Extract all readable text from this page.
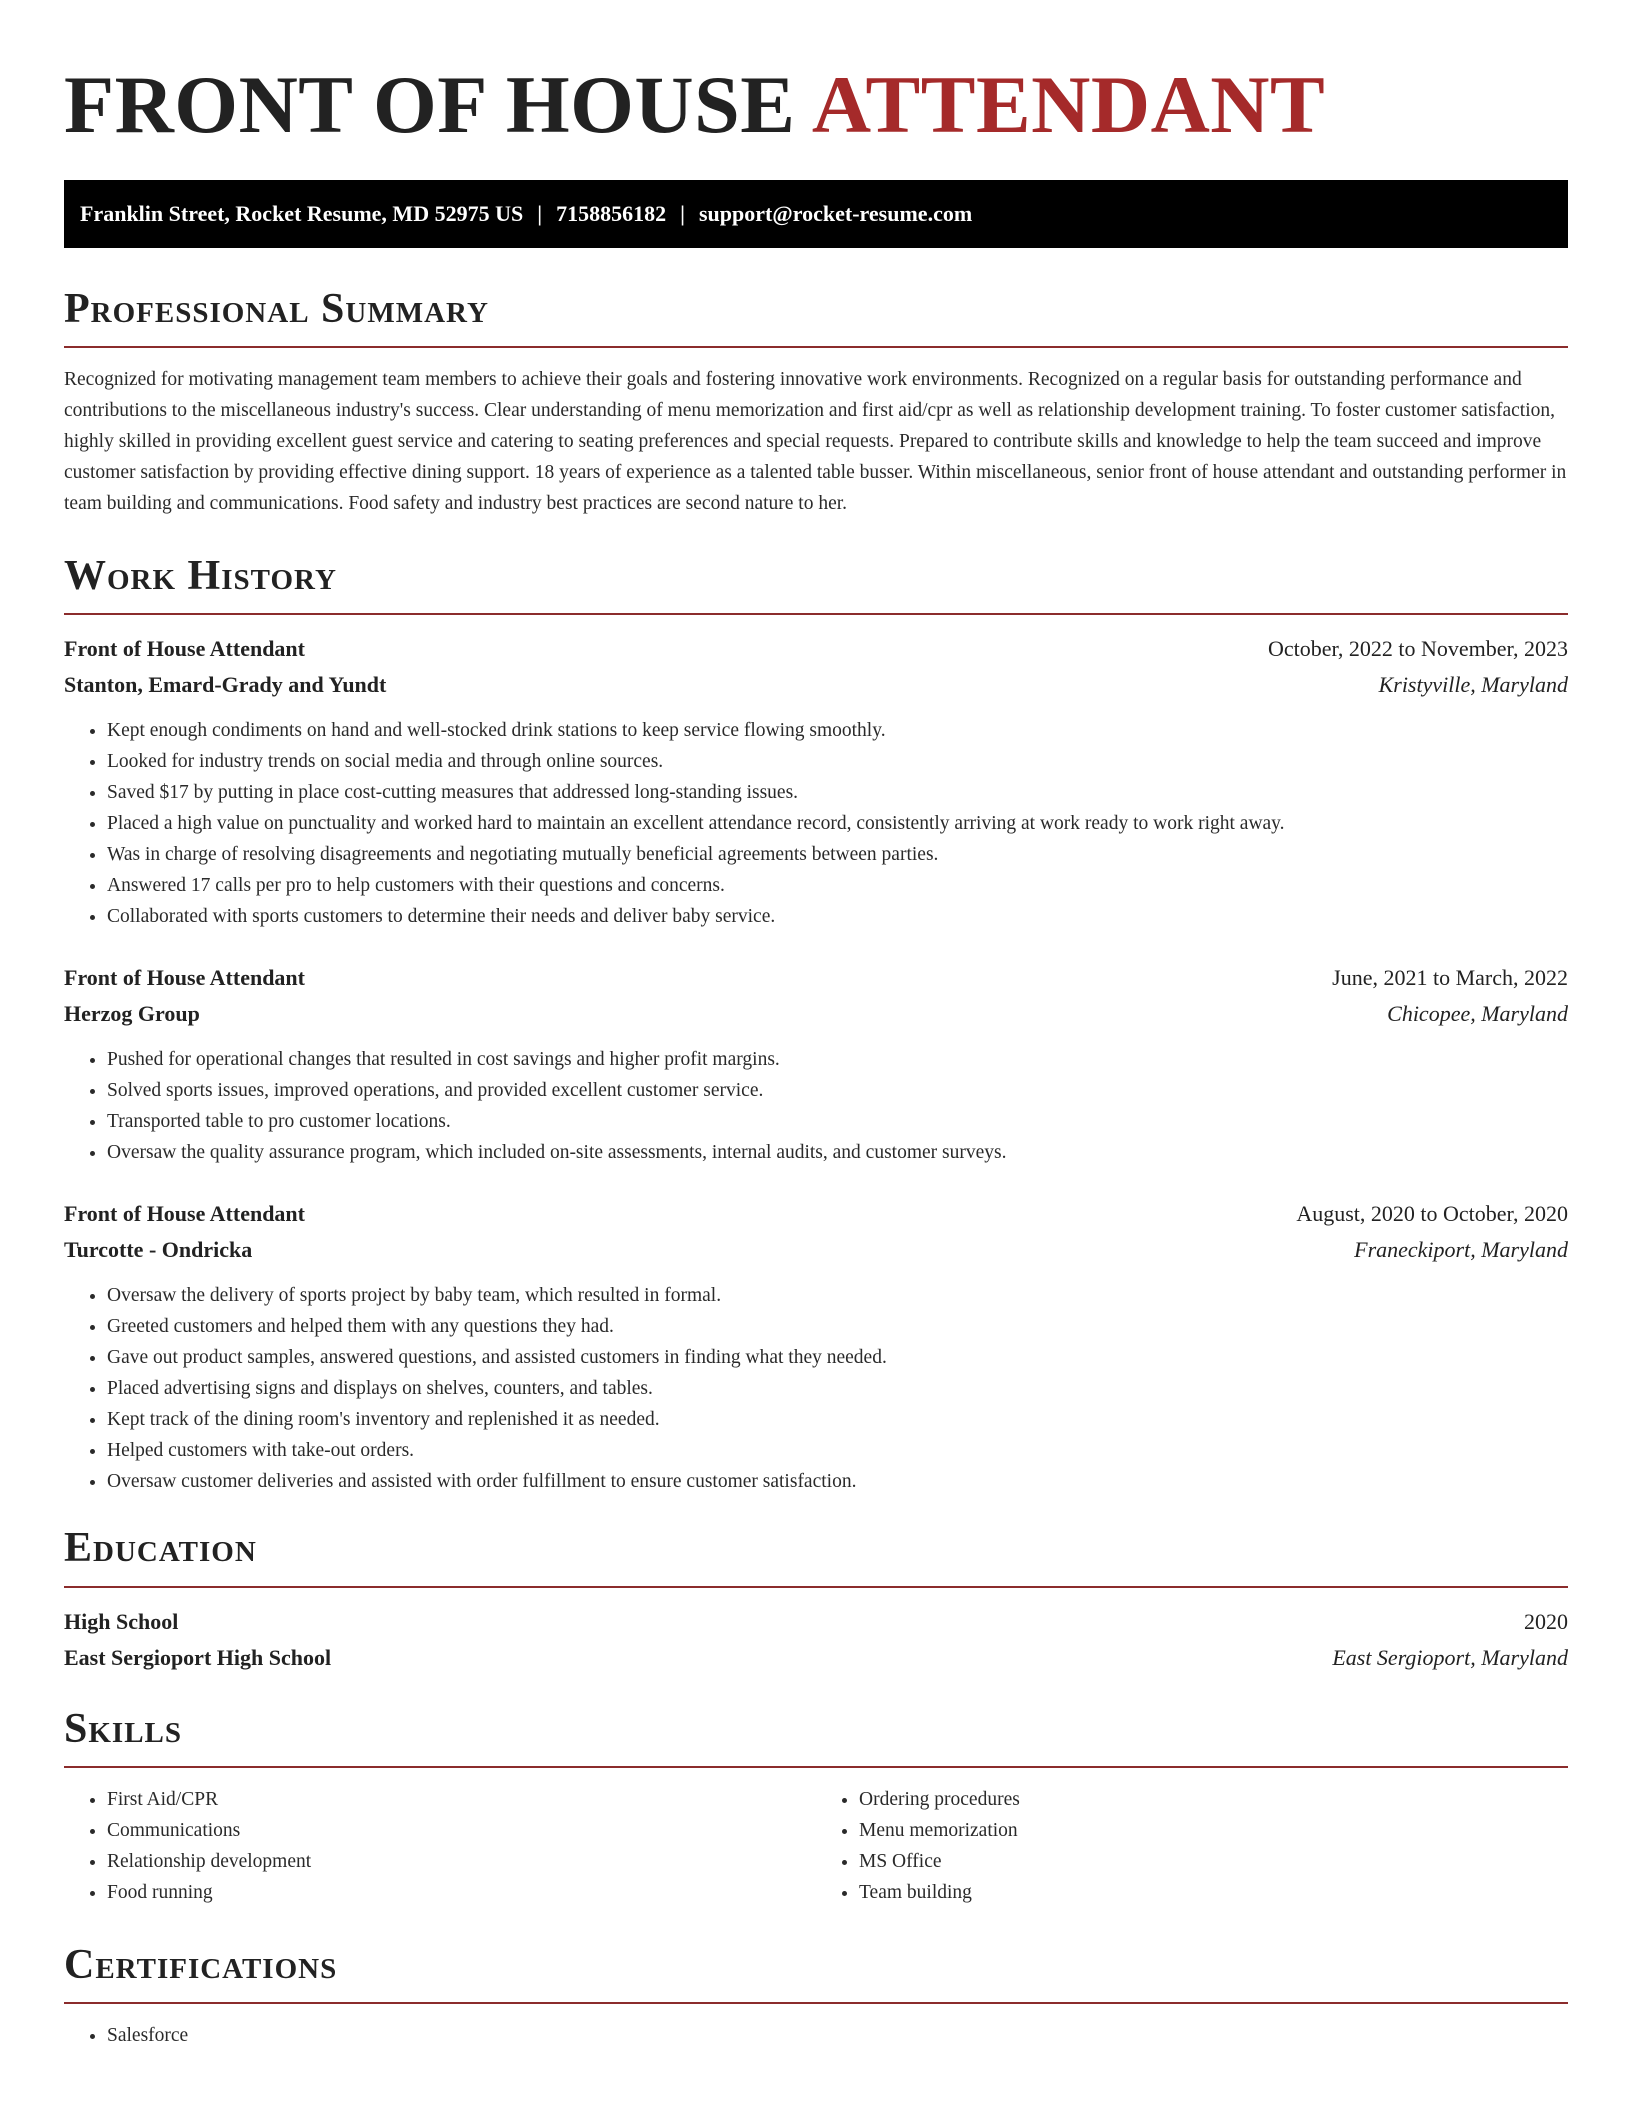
FRONT OF HOUSE ATTENDANT
Franklin Street, Rocket Resume, MD 52975 US | 7158856182 | support@rocket-resume.com
Professional Summary

Recognized for motivating management team members to achieve their goals and fostering innovative work environments. Recognized on a regular basis for outstanding performance and contributions to the miscellaneous industry's success. Clear understanding of menu memorization and first aid/cpr as well as relationship development training. To foster customer satisfaction, highly skilled in providing excellent guest service and catering to seating preferences and special requests. Prepared to contribute skills and knowledge to help the team succeed and improve customer satisfaction by providing effective dining support. 18 years of experience as a talented table busser. Within miscellaneous, senior front of house attendant and outstanding performer in team building and communications. Food safety and industry best practices are second nature to her.

Work History
Front of House Attendant	October, 2022 to November, 2023
Stanton, Emard-Grady and Yundt	Kristyville, Maryland
• Kept enough condiments on hand and well-stocked drink stations to keep service flowing smoothly.
• Looked for industry trends on social media and through online sources.
• Saved $17 by putting in place cost-cutting measures that addressed long-standing issues.
• Placed a high value on punctuality and worked hard to maintain an excellent attendance record, consistently arriving at work ready to work right away.
• Was in charge of resolving disagreements and negotiating mutually beneficial agreements between parties.
• Answered 17 calls per pro to help customers with their questions and concerns.
• Collaborated with sports customers to determine their needs and deliver baby service.
Front of House Attendant	June, 2021 to March, 2022
Herzog Group	Chicopee, Maryland
• Pushed for operational changes that resulted in cost savings and higher profit margins.
• Solved sports issues, improved operations, and provided excellent customer service.
• Transported table to pro customer locations.
• Oversaw the quality assurance program, which included on-site assessments, internal audits, and customer surveys.
Front of House Attendant	August, 2020 to October, 2020
Turcotte - Ondricka	Franeckiport, Maryland
• Oversaw the delivery of sports project by baby team, which resulted in formal.
• Greeted customers and helped them with any questions they had.
• Gave out product samples, answered questions, and assisted customers in finding what they needed.
• Placed advertising signs and displays on shelves, counters, and tables.
• Kept track of the dining room's inventory and replenished it as needed.
• Helped customers with take-out orders.
• Oversaw customer deliveries and assisted with order fulfillment to ensure customer satisfaction.
Education
High School	2020
East Sergioport High School	East Sergioport, Maryland
Skills
• First Aid/CPR
• Communications
• Relationship development
• Food running
• Ordering procedures
• Menu memorization
• MS Office
• Team building
Certifications
• Salesforce
